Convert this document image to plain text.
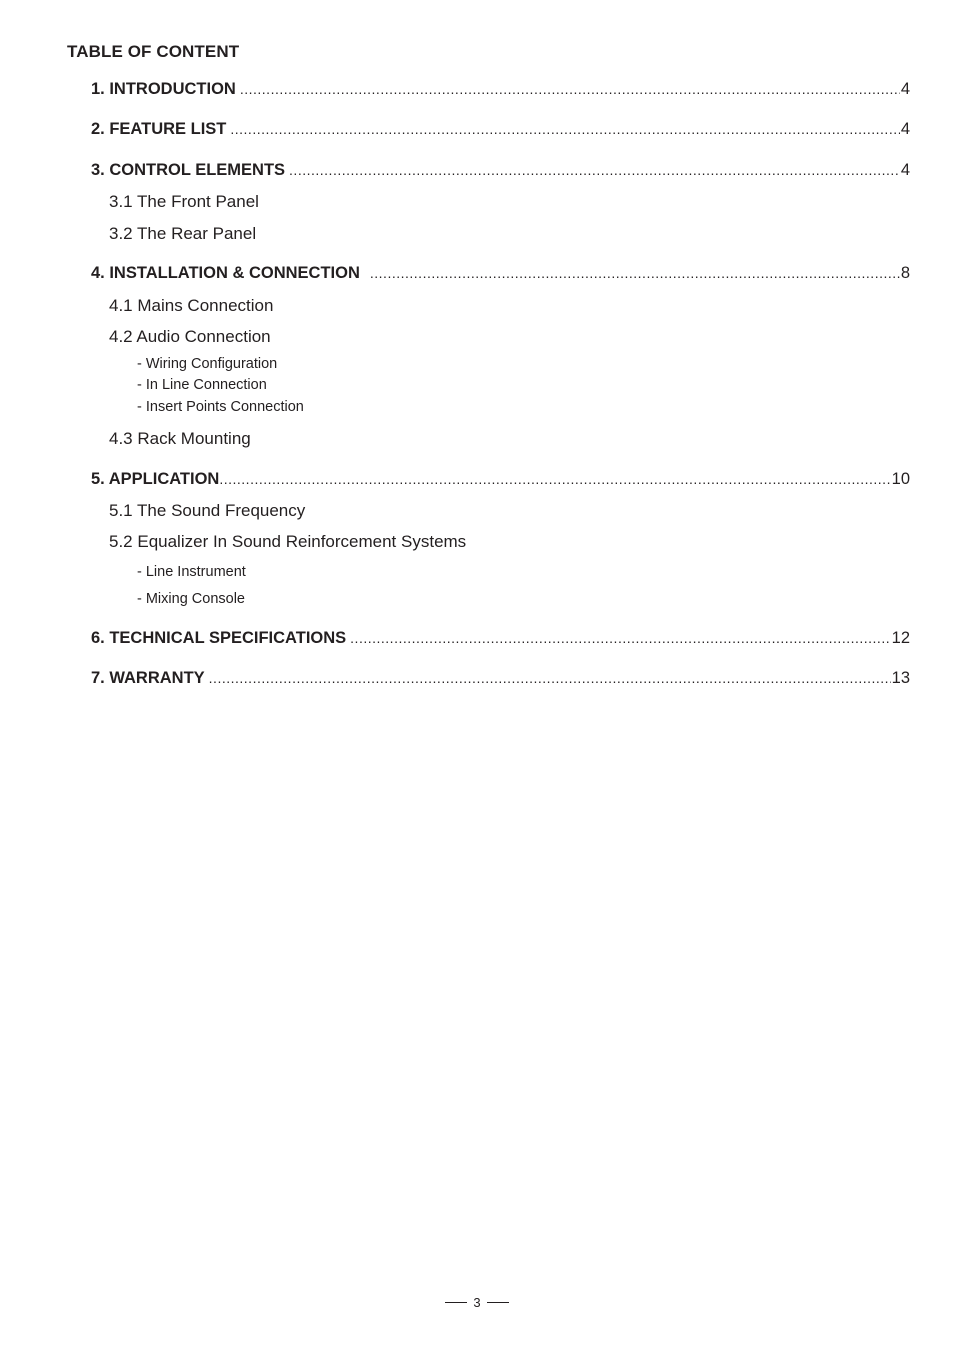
TABLE OF CONTENT
1. INTRODUCTION .....	4
2. FEATURE LIST .....	4
3. CONTROL ELEMENTS .....	4
3.1 The Front Panel
3.2 The Rear Panel
4. INSTALLATION & CONNECTION .....	8
4.1 Mains Connection
4.2 Audio Connection
- Wiring Configuration
- In Line Connection
- Insert Points Connection
4.3 Rack Mounting
5. APPLICATION .....	10
5.1 The Sound Frequency
5.2 Equalizer In Sound Reinforcement Systems
- Line Instrument
- Mixing Console
6. TECHNICAL SPECIFICATIONS .....	12
7. WARRANTY .....	13
3
